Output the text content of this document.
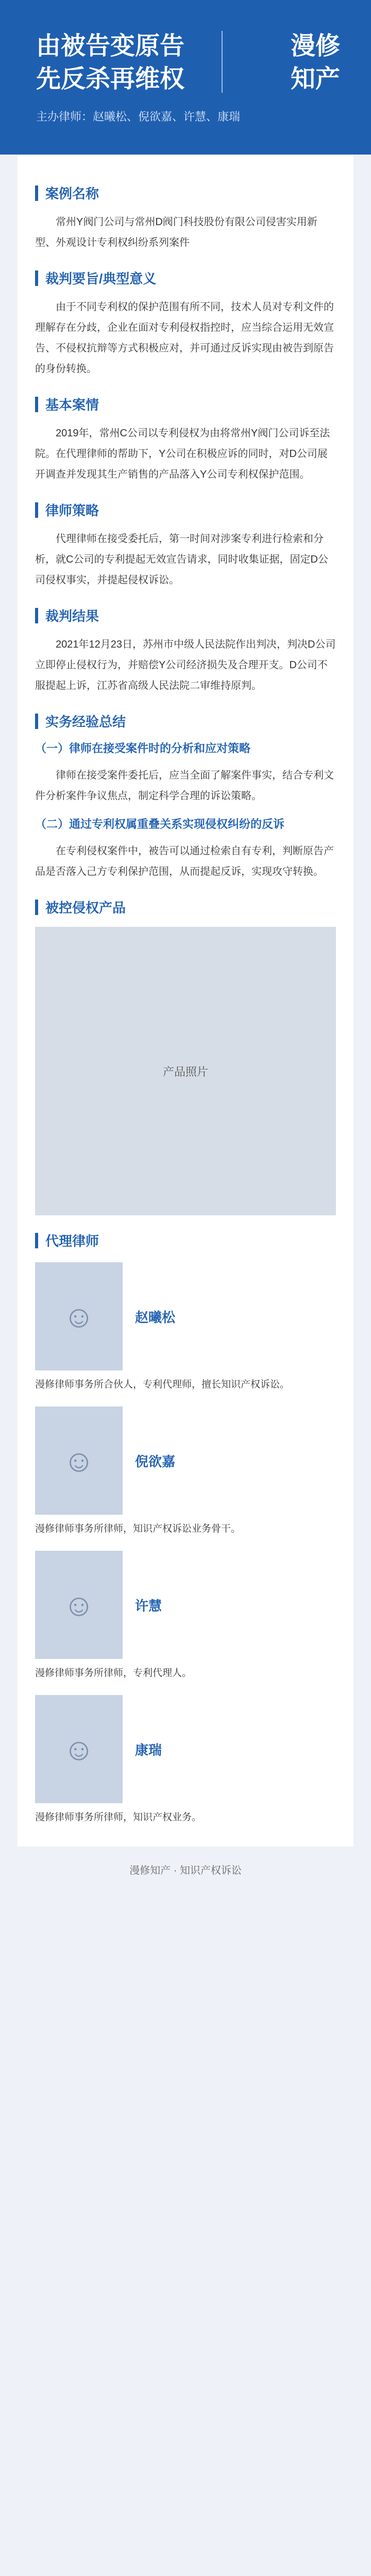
由被告变原告
先反杀再维权
漫修
知产
主办律师：赵曦松、倪欲嘉、许慧、康瑞
案例名称

常州Y阀门公司与常州D阀门科技股份有限公司侵害实用新型、外观设计专利权纠纷系列案件

裁判要旨/典型意义

由于不同专利权的保护范围有所不同，技术人员对专利文件的理解存在分歧，企业在面对专利侵权指控时，应当综合运用无效宣告、不侵权抗辩等方式积极应对，并可通过反诉实现由被告到原告的身份转换。

基本案情

2019年，常州C公司以专利侵权为由将常州Y阀门公司诉至法院。在代理律师的帮助下，Y公司在积极应诉的同时，对D公司展开调查并发现其生产销售的产品落入Y公司专利权保护范围。

律师策略

代理律师在接受委托后，第一时间对涉案专利进行检索和分析，就C公司的专利提起无效宣告请求，同时收集证据，固定D公司侵权事实，并提起侵权诉讼。

裁判结果

2021年12月23日，苏州市中级人民法院作出判决，判决D公司立即停止侵权行为，并赔偿Y公司经济损失及合理开支。D公司不服提起上诉，江苏省高级人民法院二审维持原判。

实务经验总结
（一）律师在接受案件时的分析和应对策略

律师在接受案件委托后，应当全面了解案件事实，结合专利文件分析案件争议焦点，制定科学合理的诉讼策略。

（二）通过专利权属重叠关系实现侵权纠纷的反诉

在专利侵权案件中，被告可以通过检索自有专利，判断原告产品是否落入己方专利保护范围，从而提起反诉，实现攻守转换。

被控侵权产品
产品照片
代理律师
☺	赵曦松

漫修律师事务所合伙人，专利代理师，擅长知识产权诉讼。

☺	倪欲嘉

漫修律师事务所律师，知识产权诉讼业务骨干。

☺	许慧

漫修律师事务所律师，专利代理人。

☺	康瑞

漫修律师事务所律师，知识产权业务。

漫修知产 · 知识产权诉讼
